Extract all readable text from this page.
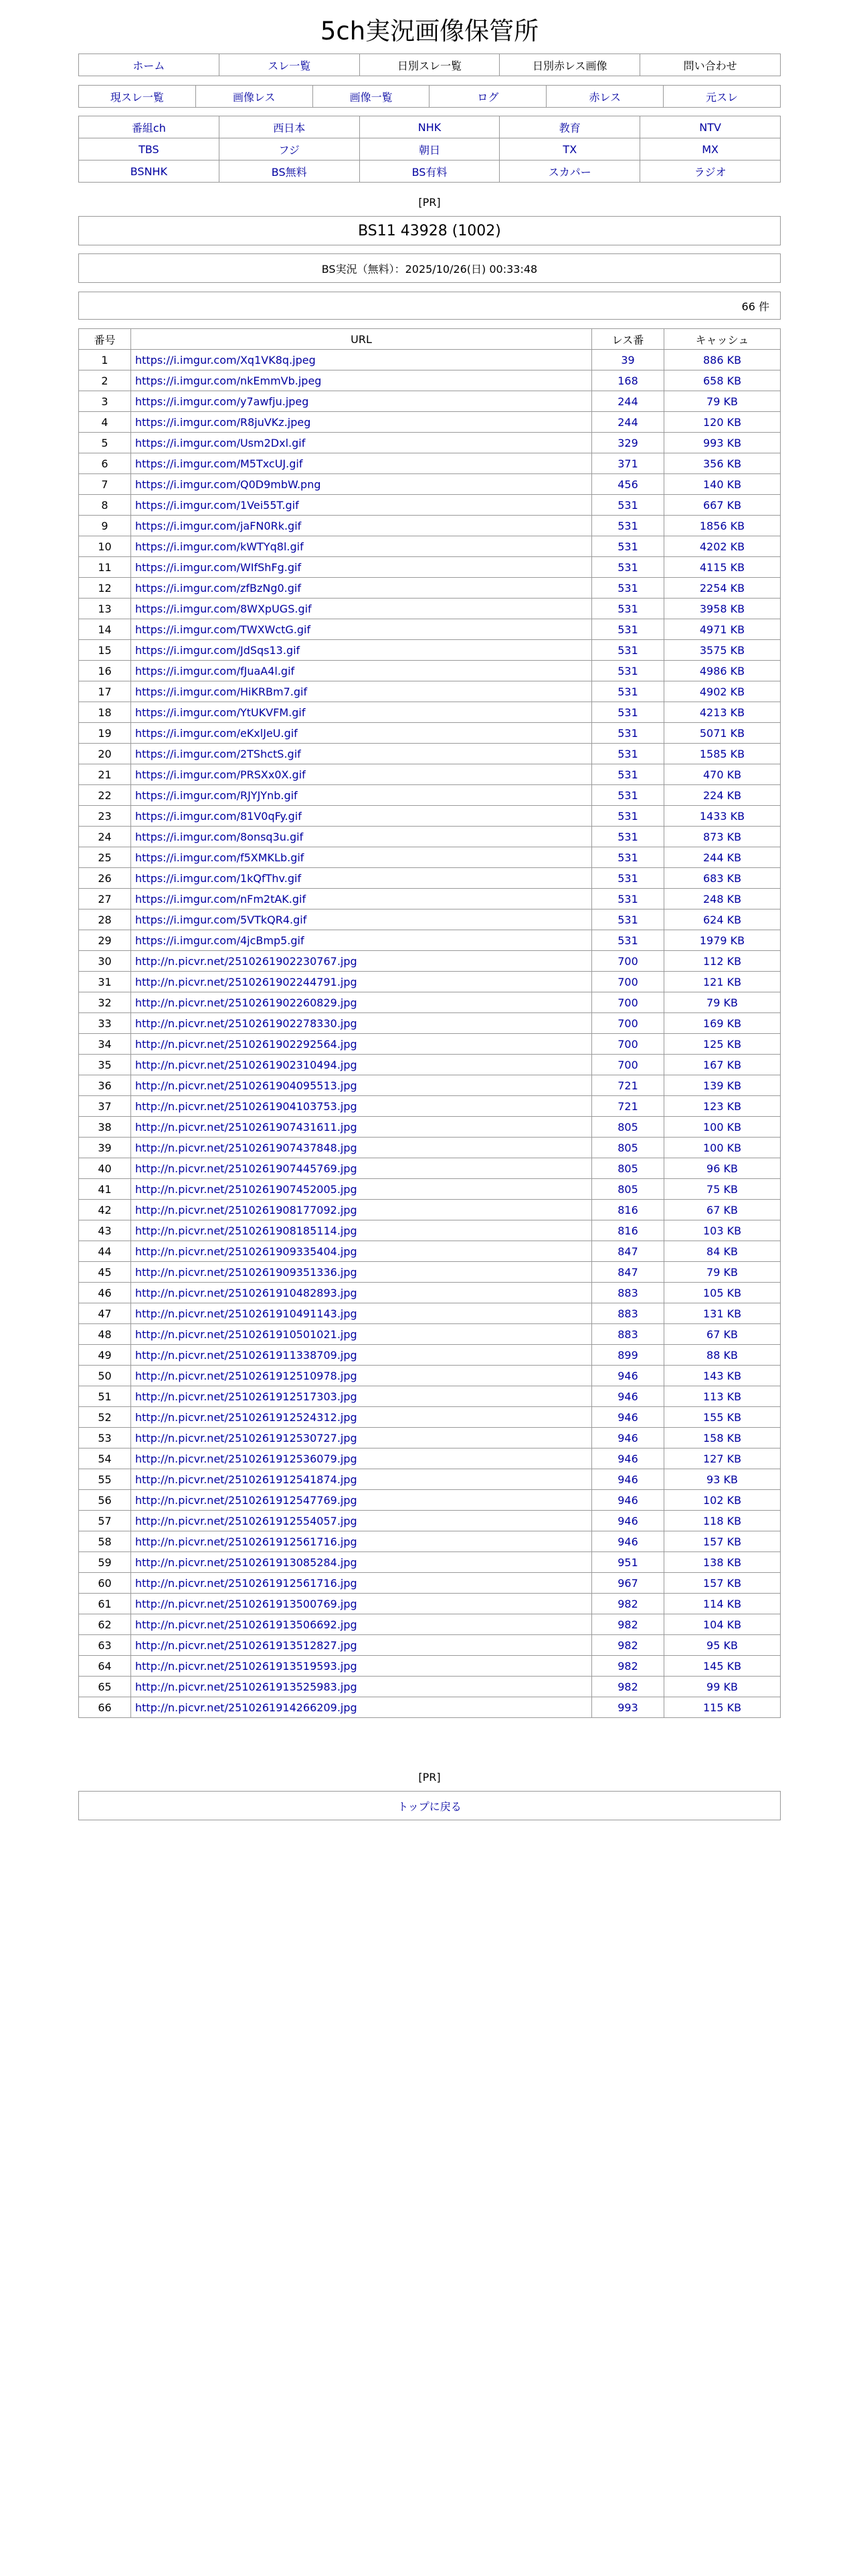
5ch実況画像保管所
ホーム	スレ一覧	日別スレ一覧	日別赤レス画像	問い合わせ
現スレ一覧	画像レス	画像一覧	ログ	赤レス	元スレ
番組ch	西日本	NHK	教育	NTV
TBS	フジ	朝日	TX	MX
BSNHK	BS無料	BS有料	スカパー	ラジオ
[PR]
BS11 43928 (1002)
BS実況（無料）：2025/10/26(日) 00:33:48
66 件
番号	URL	レス番	キャッシュ
1	https://i.imgur.com/Xq1VK8q.jpeg	39	886 KB
2	https://i.imgur.com/nkEmmVb.jpeg	168	658 KB
3	https://i.imgur.com/y7awfju.jpeg	244	79 KB
4	https://i.imgur.com/R8juVKz.jpeg	244	120 KB
5	https://i.imgur.com/Usm2Dxl.gif	329	993 KB
6	https://i.imgur.com/M5TxcUJ.gif	371	356 KB
7	https://i.imgur.com/Q0D9mbW.png	456	140 KB
8	https://i.imgur.com/1Vei55T.gif	531	667 KB
9	https://i.imgur.com/jaFN0Rk.gif	531	1856 KB
10	https://i.imgur.com/kWTYq8l.gif	531	4202 KB
11	https://i.imgur.com/WIfShFg.gif	531	4115 KB
12	https://i.imgur.com/zfBzNg0.gif	531	2254 KB
13	https://i.imgur.com/8WXpUGS.gif	531	3958 KB
14	https://i.imgur.com/TWXWctG.gif	531	4971 KB
15	https://i.imgur.com/JdSqs13.gif	531	3575 KB
16	https://i.imgur.com/fJuaA4l.gif	531	4986 KB
17	https://i.imgur.com/HiKRBm7.gif	531	4902 KB
18	https://i.imgur.com/YtUKVFM.gif	531	4213 KB
19	https://i.imgur.com/eKxlJeU.gif	531	5071 KB
20	https://i.imgur.com/2TShctS.gif	531	1585 KB
21	https://i.imgur.com/PRSXx0X.gif	531	470 KB
22	https://i.imgur.com/RJYJYnb.gif	531	224 KB
23	https://i.imgur.com/81V0qFy.gif	531	1433 KB
24	https://i.imgur.com/8onsq3u.gif	531	873 KB
25	https://i.imgur.com/f5XMKLb.gif	531	244 KB
26	https://i.imgur.com/1kQfThv.gif	531	683 KB
27	https://i.imgur.com/nFm2tAK.gif	531	248 KB
28	https://i.imgur.com/5VTkQR4.gif	531	624 KB
29	https://i.imgur.com/4jcBmp5.gif	531	1979 KB
30	http://n.picvr.net/2510261902230767.jpg	700	112 KB
31	http://n.picvr.net/2510261902244791.jpg	700	121 KB
32	http://n.picvr.net/2510261902260829.jpg	700	79 KB
33	http://n.picvr.net/2510261902278330.jpg	700	169 KB
34	http://n.picvr.net/2510261902292564.jpg	700	125 KB
35	http://n.picvr.net/2510261902310494.jpg	700	167 KB
36	http://n.picvr.net/2510261904095513.jpg	721	139 KB
37	http://n.picvr.net/2510261904103753.jpg	721	123 KB
38	http://n.picvr.net/2510261907431611.jpg	805	100 KB
39	http://n.picvr.net/2510261907437848.jpg	805	100 KB
40	http://n.picvr.net/2510261907445769.jpg	805	96 KB
41	http://n.picvr.net/2510261907452005.jpg	805	75 KB
42	http://n.picvr.net/2510261908177092.jpg	816	67 KB
43	http://n.picvr.net/2510261908185114.jpg	816	103 KB
44	http://n.picvr.net/2510261909335404.jpg	847	84 KB
45	http://n.picvr.net/2510261909351336.jpg	847	79 KB
46	http://n.picvr.net/2510261910482893.jpg	883	105 KB
47	http://n.picvr.net/2510261910491143.jpg	883	131 KB
48	http://n.picvr.net/2510261910501021.jpg	883	67 KB
49	http://n.picvr.net/2510261911338709.jpg	899	88 KB
50	http://n.picvr.net/2510261912510978.jpg	946	143 KB
51	http://n.picvr.net/2510261912517303.jpg	946	113 KB
52	http://n.picvr.net/2510261912524312.jpg	946	155 KB
53	http://n.picvr.net/2510261912530727.jpg	946	158 KB
54	http://n.picvr.net/2510261912536079.jpg	946	127 KB
55	http://n.picvr.net/2510261912541874.jpg	946	93 KB
56	http://n.picvr.net/2510261912547769.jpg	946	102 KB
57	http://n.picvr.net/2510261912554057.jpg	946	118 KB
58	http://n.picvr.net/2510261912561716.jpg	946	157 KB
59	http://n.picvr.net/2510261913085284.jpg	951	138 KB
60	http://n.picvr.net/2510261912561716.jpg	967	157 KB
61	http://n.picvr.net/2510261913500769.jpg	982	114 KB
62	http://n.picvr.net/2510261913506692.jpg	982	104 KB
63	http://n.picvr.net/2510261913512827.jpg	982	95 KB
64	http://n.picvr.net/2510261913519593.jpg	982	145 KB
65	http://n.picvr.net/2510261913525983.jpg	982	99 KB
66	http://n.picvr.net/2510261914266209.jpg	993	115 KB
[PR]
トップに戻る
